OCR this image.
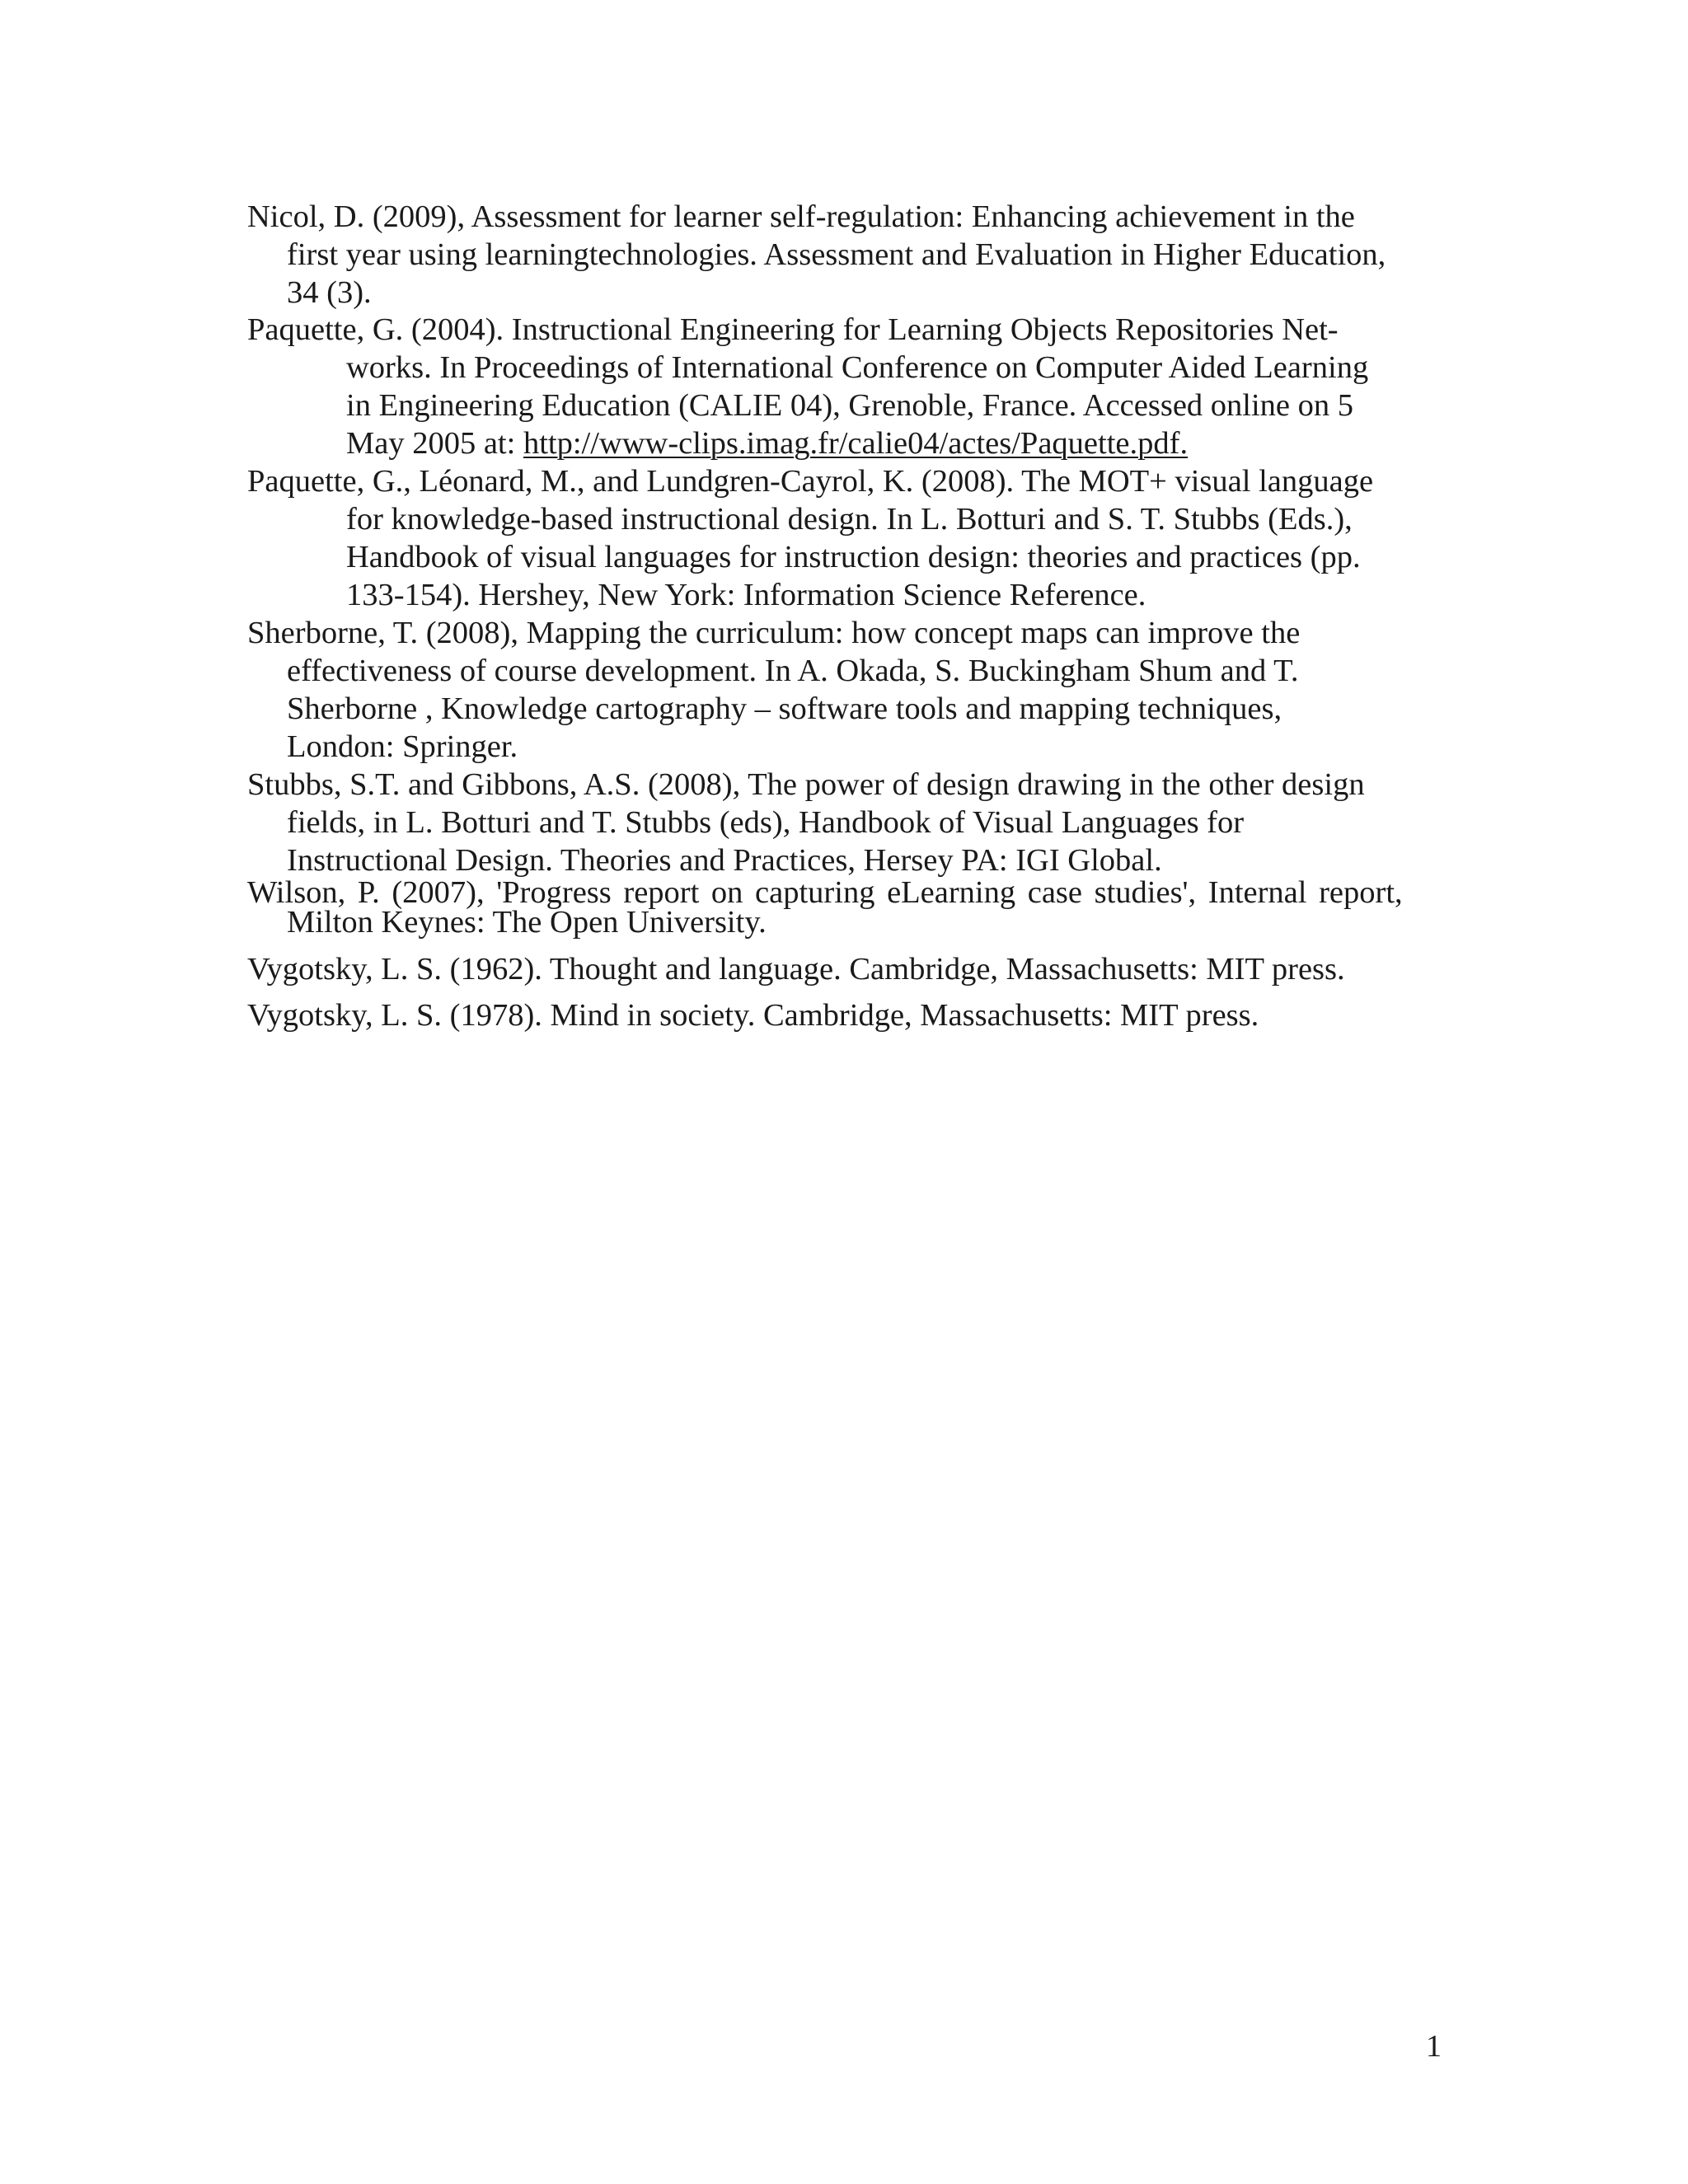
Nicol, D. (2009), Assessment for learner self-regulation: Enhancing achievement in the
first year using learningtechnologies. Assessment and Evaluation in Higher Education,
34 (3).

Paquette, G. (2004). Instructional Engineering for Learning Objects Repositories Net-
works. In Proceedings of International Conference on Computer Aided Learning
in Engineering Education (CALIE 04), Grenoble, France. Accessed online on 5
May 2005 at: http://www-clips.imag.fr/calie04/actes/Paquette.pdf.

Paquette, G., Léonard, M., and Lundgren-Cayrol, K. (2008). The MOT+ visual language
for knowledge-based instructional design. In L. Botturi and S. T. Stubbs (Eds.),
Handbook of visual languages for instruction design: theories and practices (pp.
133-154). Hershey, New York: Information Science Reference.

Sherborne, T. (2008), Mapping the curriculum: how concept maps can improve the
effectiveness of course development. In A. Okada, S. Buckingham Shum and T.
Sherborne , Knowledge cartography – software tools and mapping techniques,
London: Springer.

Stubbs, S.T. and Gibbons, A.S. (2008), The power of design drawing in the other design
fields, in L. Botturi and T. Stubbs (eds), Handbook of Visual Languages for
Instructional Design. Theories and Practices, Hersey PA: IGI Global.

Wilson, P. (2007), 'Progress report on capturing eLearning case studies', Internal report,
Milton Keynes: The Open University.

Vygotsky, L. S. (1962). Thought and language. Cambridge, Massachusetts: MIT press.

Vygotsky, L. S. (1978). Mind in society. Cambridge, Massachusetts: MIT press.

1
